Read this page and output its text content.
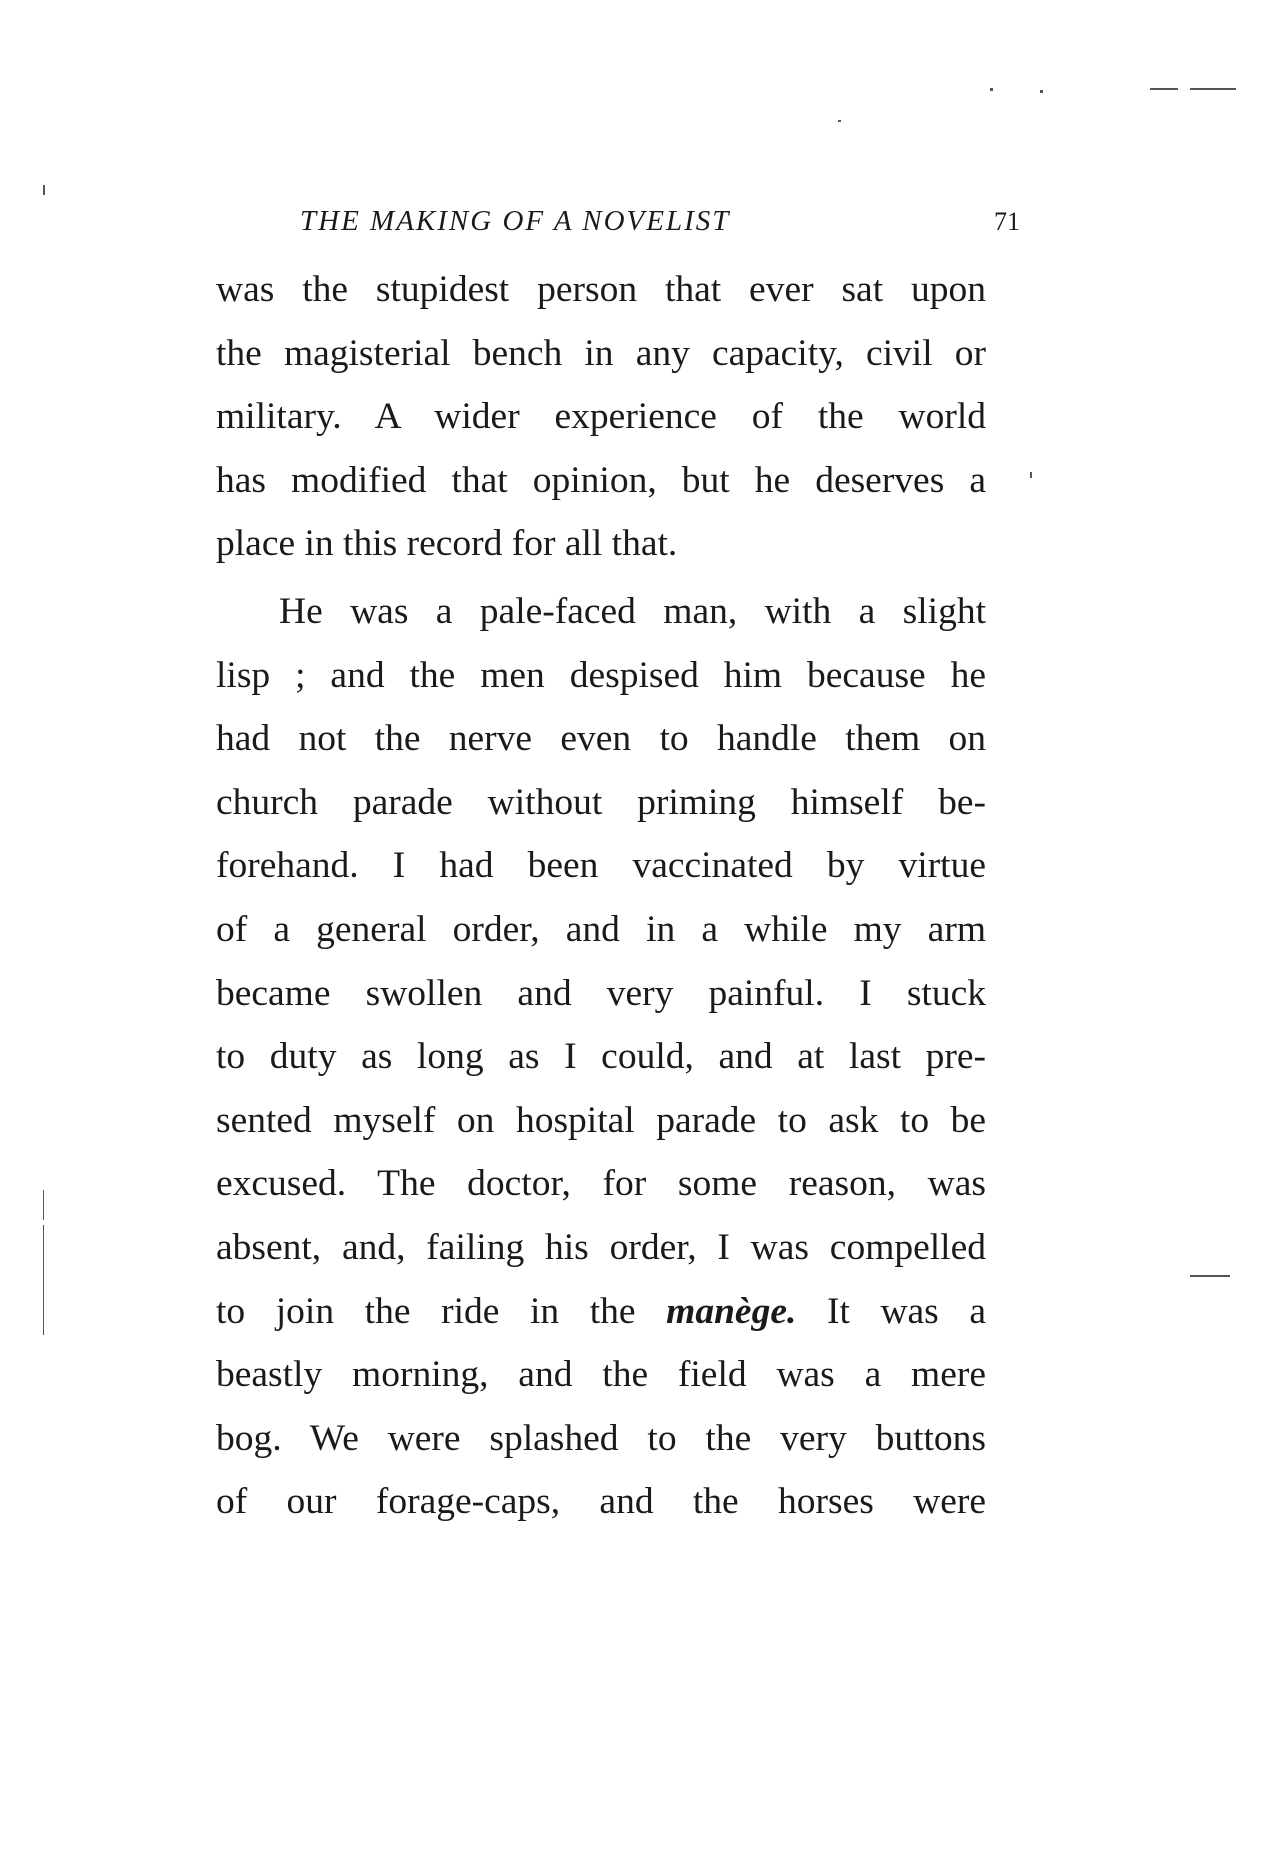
THE MAKING OF A NOVELIST	71
was the stupidest person that ever sat upon
the magisterial bench in any capacity, civil or
military. A wider experience of the world
has modified that opinion, but he deserves a
place in this record for all that.
He was a pale-faced man, with a slight
lisp ; and the men despised him because he
had not the nerve even to handle them on
church parade without priming himself be-
forehand. I had been vaccinated by virtue
of a general order, and in a while my arm
became swollen and very painful. I stuck
to duty as long as I could, and at last pre-
sented myself on hospital parade to ask to be
excused. The doctor, for some reason, was
absent, and, failing his order, I was compelled
to join the ride in the manège. It was a
beastly morning, and the field was a mere
bog. We were splashed to the very buttons
of our forage-caps, and the horses were
